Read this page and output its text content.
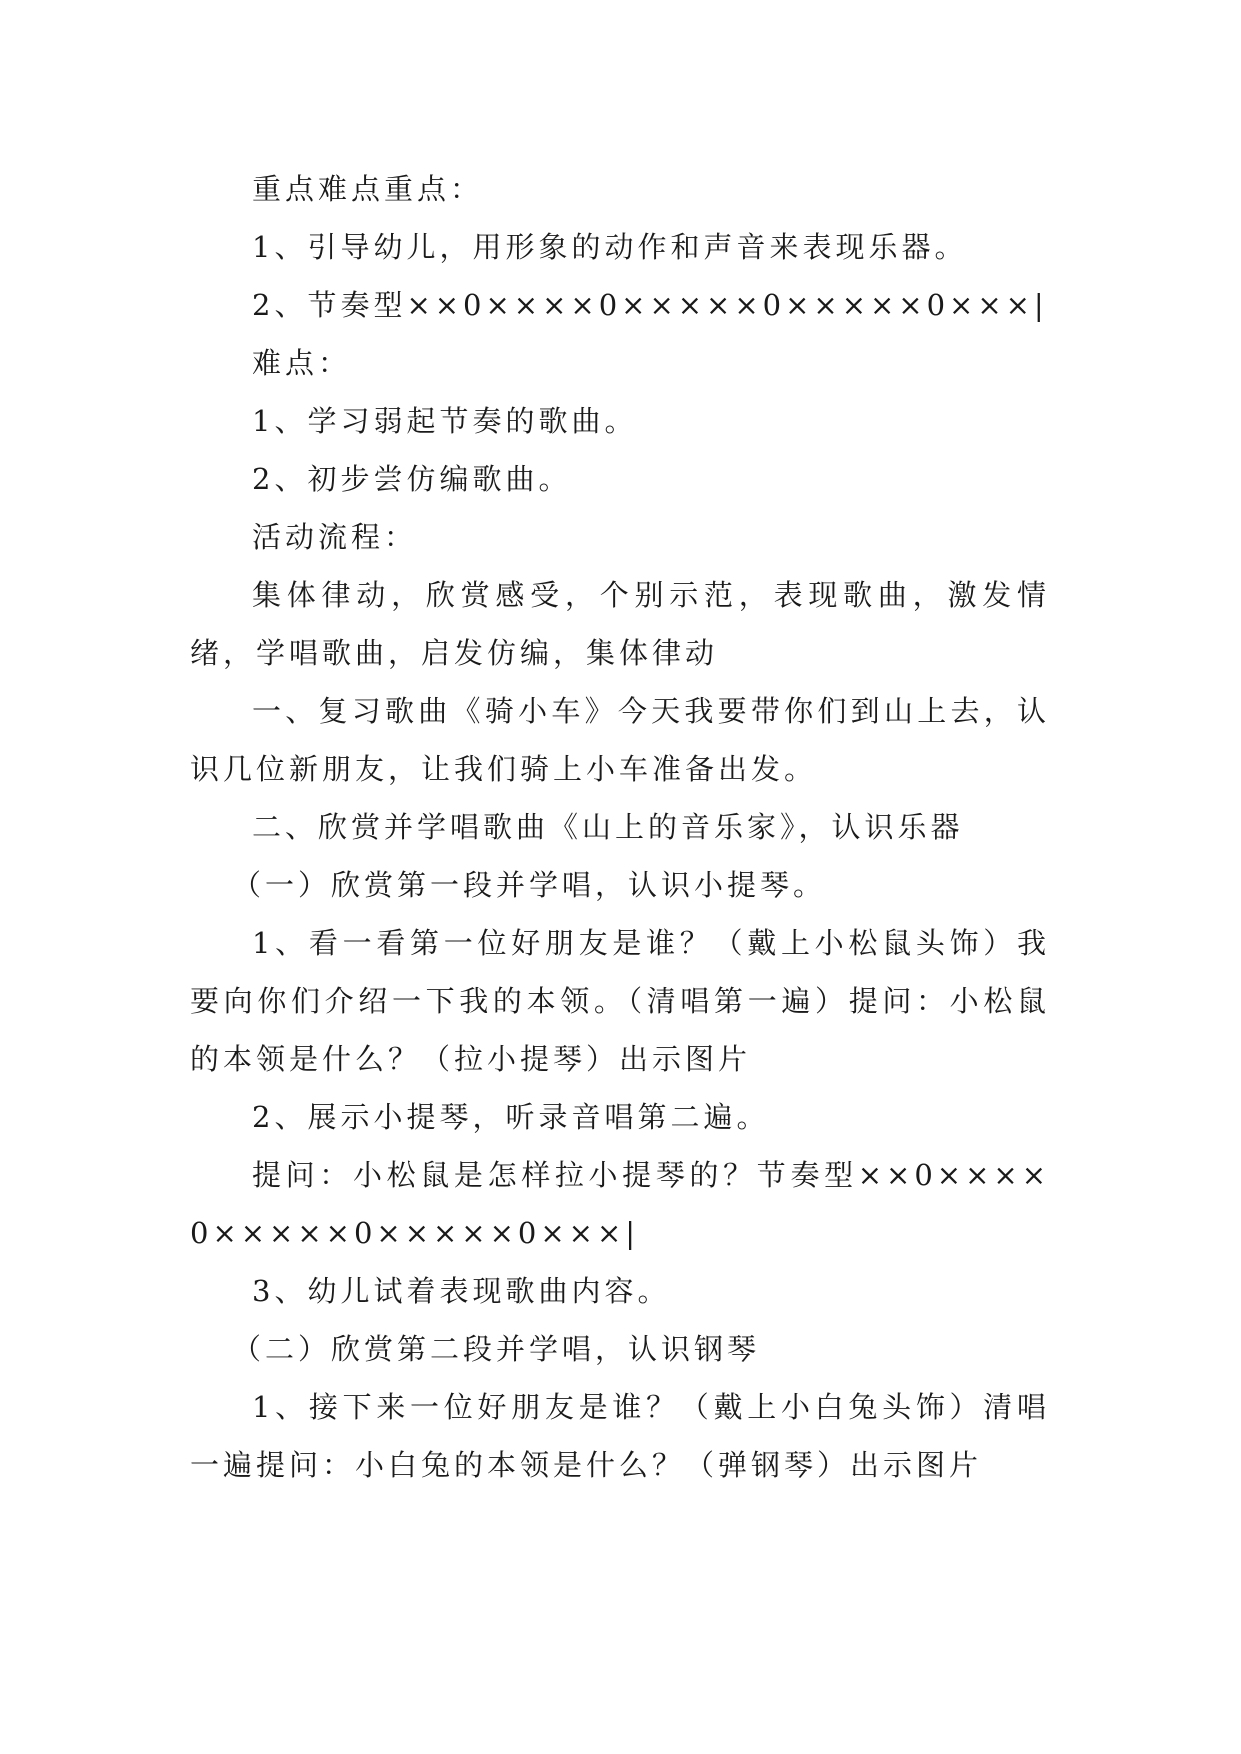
重点难点重点：

1、引导幼儿，用形象的动作和声音来表现乐器。

2、节奏型××0××××0×××××0×××××0×××|

难点：

1、学习弱起节奏的歌曲。

2、初步尝仿编歌曲。

活动流程：

集体律动，欣赏感受，个别示范，表现歌曲，激发情绪，学唱歌曲，启发仿编，集体律动

一、复习歌曲《骑小车》今天我要带你们到山上去，认识几位新朋友，让我们骑上小车准备出发。

二、欣赏并学唱歌曲《山上的音乐家》，认识乐器

（一）欣赏第一段并学唱，认识小提琴。

1、看一看第一位好朋友是谁？（戴上小松鼠头饰）我要向你们介绍一下我的本领。（清唱第一遍）提问：小松鼠的本领是什么？（拉小提琴）出示图片

2、展示小提琴，听录音唱第二遍。

提问：小松鼠是怎样拉小提琴的？节奏型××0××××0×××××0×××××0×××|

3、幼儿试着表现歌曲内容。

（二）欣赏第二段并学唱，认识钢琴

1、接下来一位好朋友是谁？（戴上小白兔头饰）清唱一遍提问：小白兔的本领是什么？（弹钢琴）出示图片
